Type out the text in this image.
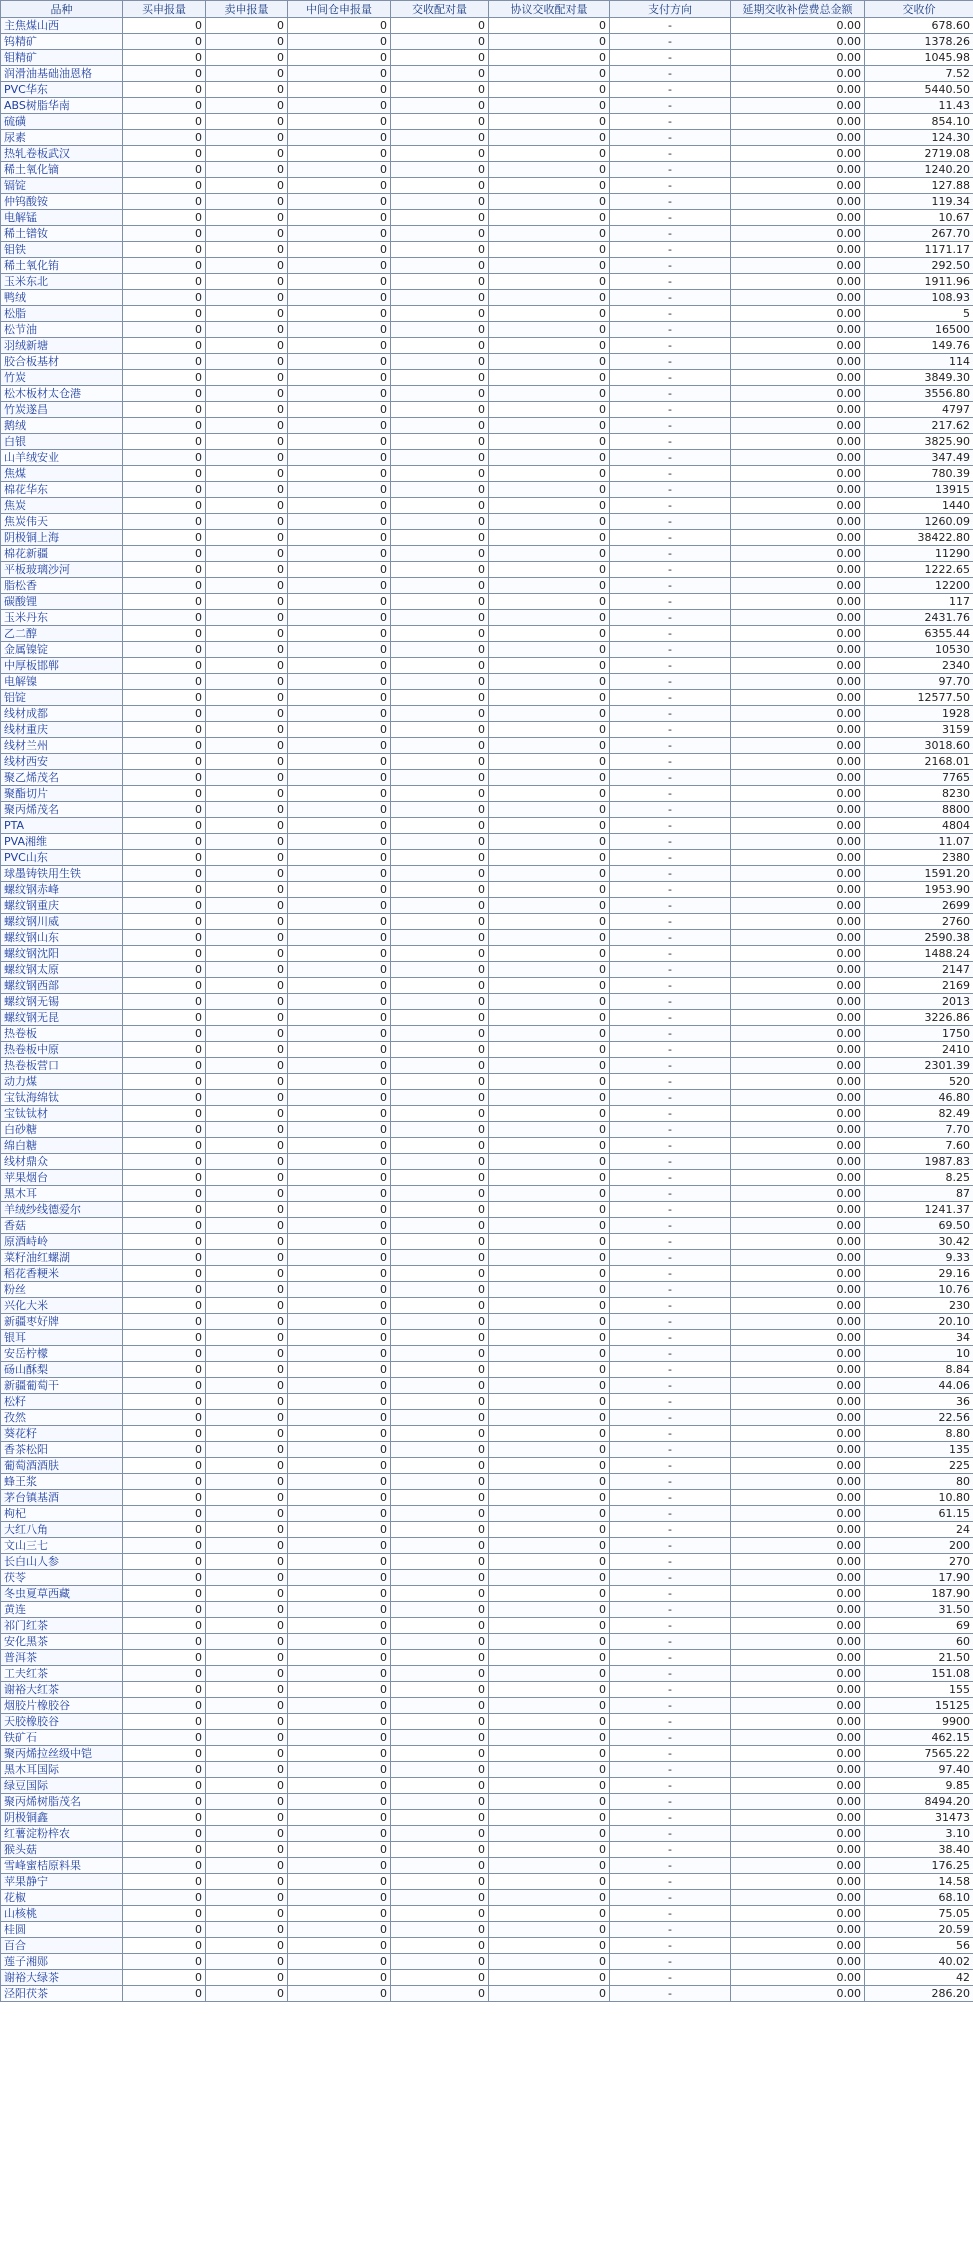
品种	买申报量	卖申报量	中间仓申报量	交收配对量	协议交收配对量	支付方向	延期交收补偿费总金额	交收价
主焦煤山西	0	0	0	0	0	-	0.00	678.60
钨精矿	0	0	0	0	0	-	0.00	1378.26
钼精矿	0	0	0	0	0	-	0.00	1045.98
润滑油基础油恩格	0	0	0	0	0	-	0.00	7.52
PVC华东	0	0	0	0	0	-	0.00	5440.50
ABS树脂华南	0	0	0	0	0	-	0.00	11.43
硫磺	0	0	0	0	0	-	0.00	854.10
尿素	0	0	0	0	0	-	0.00	124.30
热轧卷板武汉	0	0	0	0	0	-	0.00	2719.08
稀土氧化镝	0	0	0	0	0	-	0.00	1240.20
镉锭	0	0	0	0	0	-	0.00	127.88
仲钨酸铵	0	0	0	0	0	-	0.00	119.34
电解锰	0	0	0	0	0	-	0.00	10.67
稀土镨钕	0	0	0	0	0	-	0.00	267.70
钼铁	0	0	0	0	0	-	0.00	1171.17
稀土氧化铕	0	0	0	0	0	-	0.00	292.50
玉米东北	0	0	0	0	0	-	0.00	1911.96
鸭绒	0	0	0	0	0	-	0.00	108.93
松脂	0	0	0	0	0	-	0.00	5
松节油	0	0	0	0	0	-	0.00	16500
羽绒新塘	0	0	0	0	0	-	0.00	149.76
胶合板基材	0	0	0	0	0	-	0.00	114
竹炭	0	0	0	0	0	-	0.00	3849.30
松木板材太仓港	0	0	0	0	0	-	0.00	3556.80
竹炭遂昌	0	0	0	0	0	-	0.00	4797
鹅绒	0	0	0	0	0	-	0.00	217.62
白银	0	0	0	0	0	-	0.00	3825.90
山羊绒安业	0	0	0	0	0	-	0.00	347.49
焦煤	0	0	0	0	0	-	0.00	780.39
棉花华东	0	0	0	0	0	-	0.00	13915
焦炭	0	0	0	0	0	-	0.00	1440
焦炭伟天	0	0	0	0	0	-	0.00	1260.09
阴极铜上海	0	0	0	0	0	-	0.00	38422.80
棉花新疆	0	0	0	0	0	-	0.00	11290
平板玻璃沙河	0	0	0	0	0	-	0.00	1222.65
脂松香	0	0	0	0	0	-	0.00	12200
碳酸锂	0	0	0	0	0	-	0.00	117
玉米丹东	0	0	0	0	0	-	0.00	2431.76
乙二醇	0	0	0	0	0	-	0.00	6355.44
金属镍锭	0	0	0	0	0	-	0.00	10530
中厚板邯郸	0	0	0	0	0	-	0.00	2340
电解镍	0	0	0	0	0	-	0.00	97.70
铝锭	0	0	0	0	0	-	0.00	12577.50
线材成都	0	0	0	0	0	-	0.00	1928
线材重庆	0	0	0	0	0	-	0.00	3159
线材兰州	0	0	0	0	0	-	0.00	3018.60
线材西安	0	0	0	0	0	-	0.00	2168.01
聚乙烯茂名	0	0	0	0	0	-	0.00	7765
聚酯切片	0	0	0	0	0	-	0.00	8230
聚丙烯茂名	0	0	0	0	0	-	0.00	8800
PTA	0	0	0	0	0	-	0.00	4804
PVA湘维	0	0	0	0	0	-	0.00	11.07
PVC山东	0	0	0	0	0	-	0.00	2380
球墨铸铁用生铁	0	0	0	0	0	-	0.00	1591.20
螺纹钢赤峰	0	0	0	0	0	-	0.00	1953.90
螺纹钢重庆	0	0	0	0	0	-	0.00	2699
螺纹钢川威	0	0	0	0	0	-	0.00	2760
螺纹钢山东	0	0	0	0	0	-	0.00	2590.38
螺纹钢沈阳	0	0	0	0	0	-	0.00	1488.24
螺纹钢太原	0	0	0	0	0	-	0.00	2147
螺纹钢西部	0	0	0	0	0	-	0.00	2169
螺纹钢无锡	0	0	0	0	0	-	0.00	2013
螺纹钢无昆	0	0	0	0	0	-	0.00	3226.86
热卷板	0	0	0	0	0	-	0.00	1750
热卷板中原	0	0	0	0	0	-	0.00	2410
热卷板营口	0	0	0	0	0	-	0.00	2301.39
动力煤	0	0	0	0	0	-	0.00	520
宝钛海绵钛	0	0	0	0	0	-	0.00	46.80
宝钛钛材	0	0	0	0	0	-	0.00	82.49
白砂糖	0	0	0	0	0	-	0.00	7.70
绵白糖	0	0	0	0	0	-	0.00	7.60
线材鼎众	0	0	0	0	0	-	0.00	1987.83
苹果烟台	0	0	0	0	0	-	0.00	8.25
黑木耳	0	0	0	0	0	-	0.00	87
羊绒纱线德爱尔	0	0	0	0	0	-	0.00	1241.37
香菇	0	0	0	0	0	-	0.00	69.50
原酒峙岭	0	0	0	0	0	-	0.00	30.42
菜籽油红螺湖	0	0	0	0	0	-	0.00	9.33
稻花香粳米	0	0	0	0	0	-	0.00	29.16
粉丝	0	0	0	0	0	-	0.00	10.76
兴化大米	0	0	0	0	0	-	0.00	230
新疆枣好牌	0	0	0	0	0	-	0.00	20.10
银耳	0	0	0	0	0	-	0.00	34
安岳柠檬	0	0	0	0	0	-	0.00	10
砀山酥梨	0	0	0	0	0	-	0.00	8.84
新疆葡萄干	0	0	0	0	0	-	0.00	44.06
松籽	0	0	0	0	0	-	0.00	36
孜然	0	0	0	0	0	-	0.00	22.56
葵花籽	0	0	0	0	0	-	0.00	8.80
香茶松阳	0	0	0	0	0	-	0.00	135
葡萄酒酒肤	0	0	0	0	0	-	0.00	225
蜂王浆	0	0	0	0	0	-	0.00	80
茅台镇基酒	0	0	0	0	0	-	0.00	10.80
枸杞	0	0	0	0	0	-	0.00	61.15
大红八角	0	0	0	0	0	-	0.00	24
文山三七	0	0	0	0	0	-	0.00	200
长白山人参	0	0	0	0	0	-	0.00	270
茯苓	0	0	0	0	0	-	0.00	17.90
冬虫夏草西藏	0	0	0	0	0	-	0.00	187.90
黄连	0	0	0	0	0	-	0.00	31.50
祁门红茶	0	0	0	0	0	-	0.00	69
安化黑茶	0	0	0	0	0	-	0.00	60
普洱茶	0	0	0	0	0	-	0.00	21.50
工夫红茶	0	0	0	0	0	-	0.00	151.08
谢裕大红茶	0	0	0	0	0	-	0.00	155
烟胶片橡胶谷	0	0	0	0	0	-	0.00	15125
天胶橡胶谷	0	0	0	0	0	-	0.00	9900
铁矿石	0	0	0	0	0	-	0.00	462.15
聚丙烯拉丝级中铠	0	0	0	0	0	-	0.00	7565.22
黑木耳国际	0	0	0	0	0	-	0.00	97.40
绿豆国际	0	0	0	0	0	-	0.00	9.85
聚丙烯树脂茂名	0	0	0	0	0	-	0.00	8494.20
阴极铜鑫	0	0	0	0	0	-	0.00	31473
红薯淀粉梓农	0	0	0	0	0	-	0.00	3.10
猴头菇	0	0	0	0	0	-	0.00	38.40
雪峰蜜桔原料果	0	0	0	0	0	-	0.00	176.25
苹果静宁	0	0	0	0	0	-	0.00	14.58
花椒	0	0	0	0	0	-	0.00	68.10
山核桃	0	0	0	0	0	-	0.00	75.05
桂圆	0	0	0	0	0	-	0.00	20.59
百合	0	0	0	0	0	-	0.00	56
莲子湘郧	0	0	0	0	0	-	0.00	40.02
谢裕大绿茶	0	0	0	0	0	-	0.00	42
泾阳茯茶	0	0	0	0	0	-	0.00	286.20
